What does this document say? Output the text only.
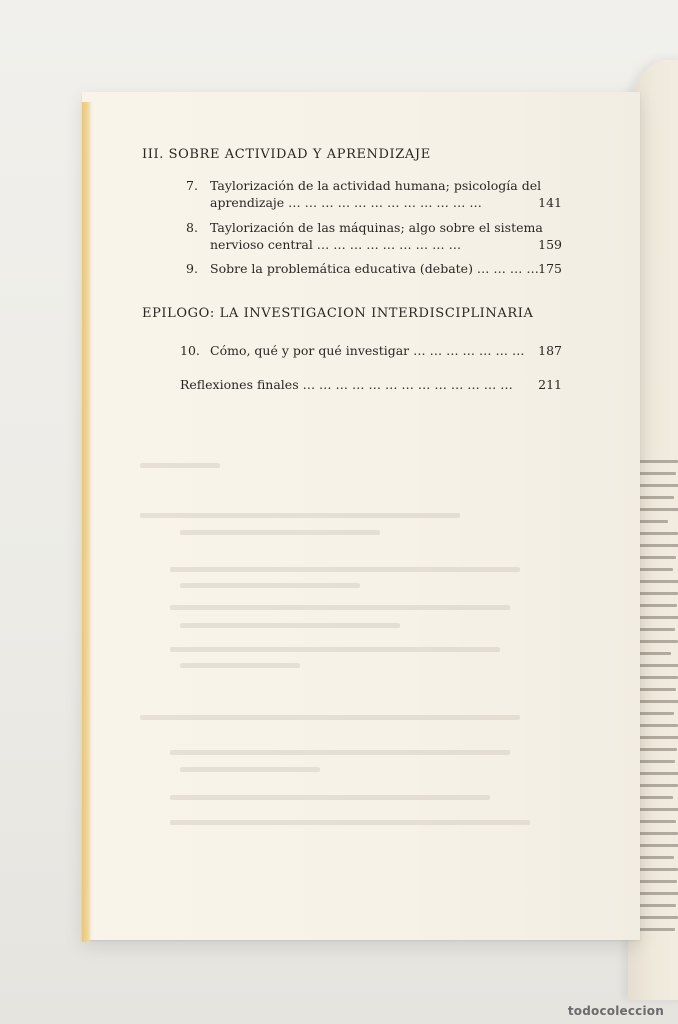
III. SOBRE ACTIVIDAD Y APRENDIZAJE
7. Taylorización de la actividad humana; psicología del
aprendizaje … … … … … … … … … … … …	141
8. Taylorización de las máquinas; algo sobre el sistema
nervioso central … … … … … … … … …	159
9. Sobre la problemática educativa (debate) … … … … 175
EPILOGO: LA INVESTIGACION INTERDISCIPLINARIA
10. Cómo, qué y por qué investigar … … … … … … …	187
Reflexiones finales … … … … … … … … … … … … …	211
todocoleccion
